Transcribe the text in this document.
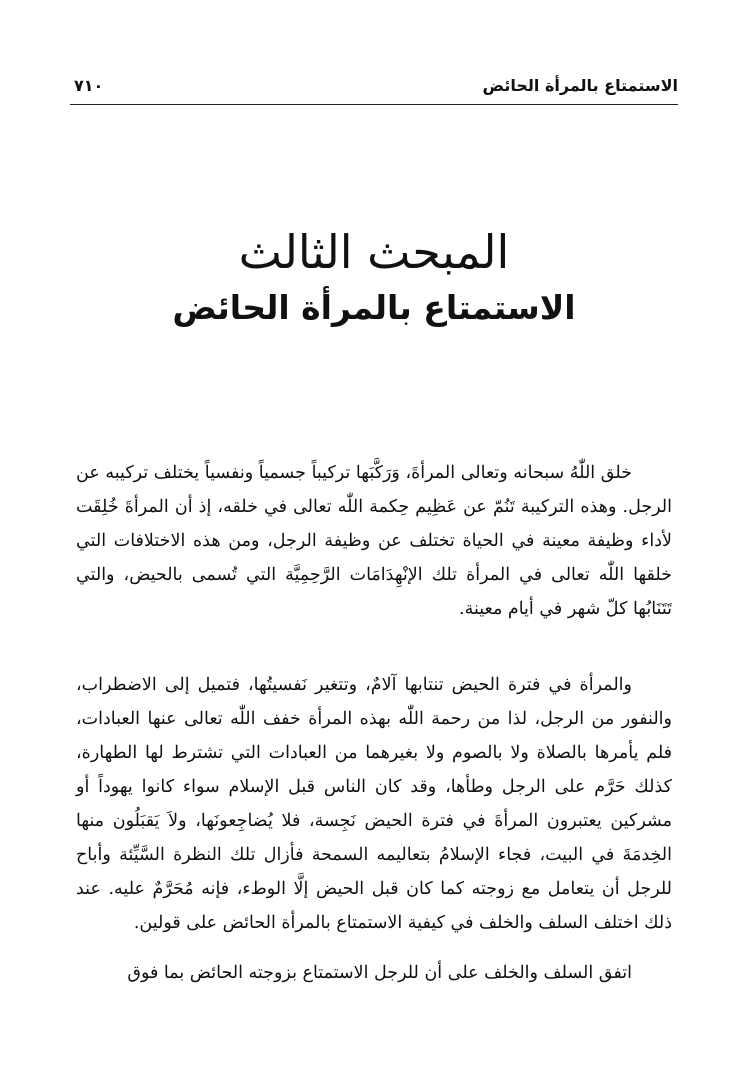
الاستمتاع بالمرأة الحائض
٧١٠
المبحث الثالث
الاستمتاع بالمرأة الحائض

خلق اللّٰهُ سبحانه وتعالى المرأةَ، وَرَكَّبَها تركيباً جسمياً ونفسياً يختلف تركيبه عن الرجل. وهذه التركيبة تَنُمّ عن عَظِيم حِكمة اللّٰه تعالى في خلقه، إذ أن المرأةَ خُلِقَت لأداء وظيفة معينة في الحياة تختلف عن وظيفة الرجل، ومن هذه الاختلافات التي خلقها اللّٰه تعالى في المرأة تلك الإنْهِدَامَات الرَّحِمِيَّة التي تُسمى بالحيض، والتي تَتَنَابُها كلّ شهر في أيام معينة.

والمرأة في فترة الحيض تنتابها آلامٌ، وتتغير نَفسيتُها، فتميل إلى الاضطراب، والنفور من الرجل، لذا من رحمة اللّٰه بهذه المرأة خفف اللّٰه تعالى عنها العبادات، فلم يأمرها بالصلاة ولا بالصوم ولا بغيرهما من العبادات التي تشترط لها الطهارة، كذلك حَرَّم على الرجل وطأها، وقد كان الناس قبل الإسلام سواء كانوا يهوداً أو مشركين يعتبرون المرأةَ في فترة الحيض نَجِسة، فلا يُضاجِعونَها، ولاَ يَقبَلُون منها الخِدمَةَ في البيت، فجاء الإسلامُ بتعاليمه السمحة فأزال تلك النظرة السَّيِّئة وأباح للرجل أن يتعامل مع زوجته كما كان قبل الحيض إلَّا الوطء، فإنه مُحَرَّمٌ عليه. عند ذلك اختلف السلف والخلف في كيفية الاستمتاع بالمرأة الحائض على قولين.

اتفق السلف والخلف على أن للرجل الاستمتاع بزوجته الحائض بما فوق
